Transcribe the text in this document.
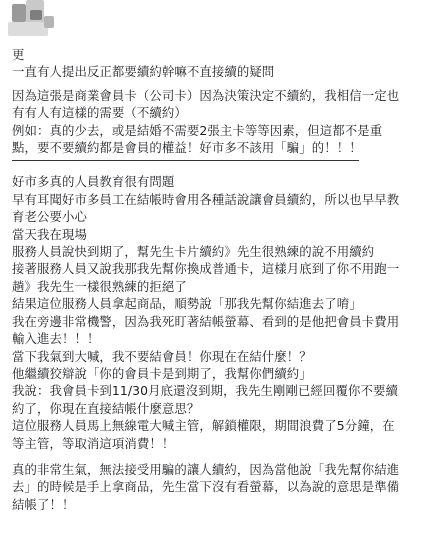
更
一直有人提出反正都要續約幹嘛不直接續的疑問
因為這張是商業會員卡（公司卡）因為決策決定不續約，我相信一定也
有有人有這樣的需要（不續約）
例如：真的少去，或是結婚不需要2張主卡等等因素，但這都不是重
點，要不要續約都是會員的權益！好市多不該用「騙」的！！！
好市多真的人員教育很有問題
早有耳聞好市多員工在結帳時會用各種話說讓會員續約，所以也早早教
育老公要小心
當天我在現場
服務人員說快到期了，幫先生卡片續約》先生很熟練的說不用續約
接著服務人員又說我那我先幫你換成普通卡，這樣月底到了你不用跑一
趟》我先生一樣很熟練的拒絕了
結果這位服務人員拿起商品，順勢說「那我先幫你結進去了唷」
我在旁邊非常機警，因為我死盯著結帳螢幕、看到的是他把會員卡費用
輸入進去！！！
當下我氣到大喊，我不要結會員！你現在在結什麼！？
他繼續狡辯說「你的會員卡是到期了，我幫你們續約」
我說：我會員卡到11/30月底還沒到期，我先生剛剛已經回覆你不要續
約了，你現在直接結帳什麼意思？
這位服務人員馬上無線電大喊主管，解鎖權限，期間浪費了5分鐘，在
等主管，等取消這項消費！！
真的非常生氣，無法接受用騙的讓人續約，因為當他說「我先幫你結進
去」的時候是手上拿商品，先生當下沒有看螢幕，以為說的意思是準備
結帳了！！
